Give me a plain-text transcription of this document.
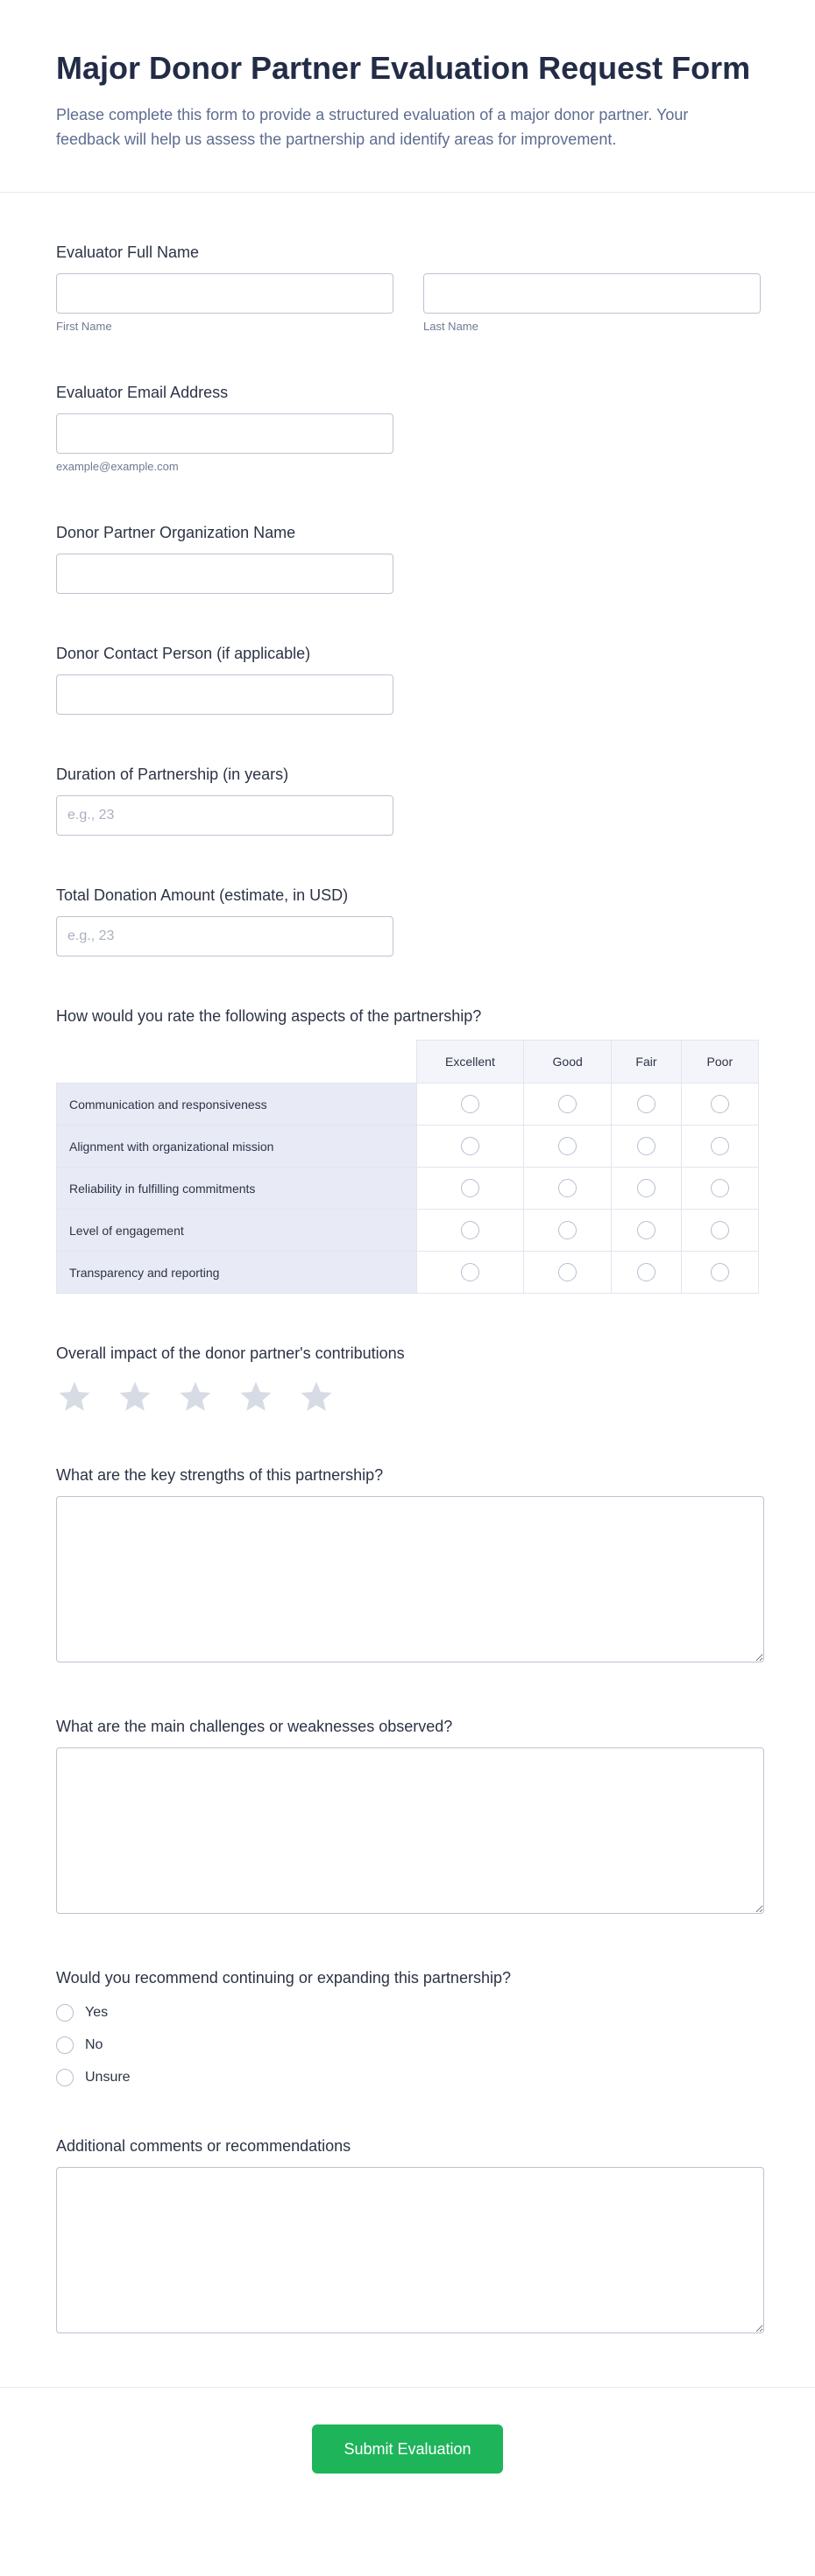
Major Donor Partner Evaluation Request Form

Please complete this form to provide a structured evaluation of a major donor partner. Your feedback will help us assess the partnership and identify areas for improvement.

Evaluator Full Name
First Name	Last Name
Evaluator Email Address
example@example.com
Donor Partner Organization Name
Donor Contact Person (if applicable)
Duration of Partnership (in years)
e.g., 23
Total Donation Amount (estimate, in USD)
e.g., 23
How would you rate the following aspects of the partnership?
	Excellent	Good	Fair	Poor
Communication and responsiveness				
Alignment with organizational mission				
Reliability in fulfilling commitments				
Level of engagement				
Transparency and reporting				
Overall impact of the donor partner's contributions
What are the key strengths of this partnership?
What are the main challenges or weaknesses observed?
Would you recommend continuing or expanding this partnership?
Yes
No
Unsure
Additional comments or recommendations
Submit Evaluation
